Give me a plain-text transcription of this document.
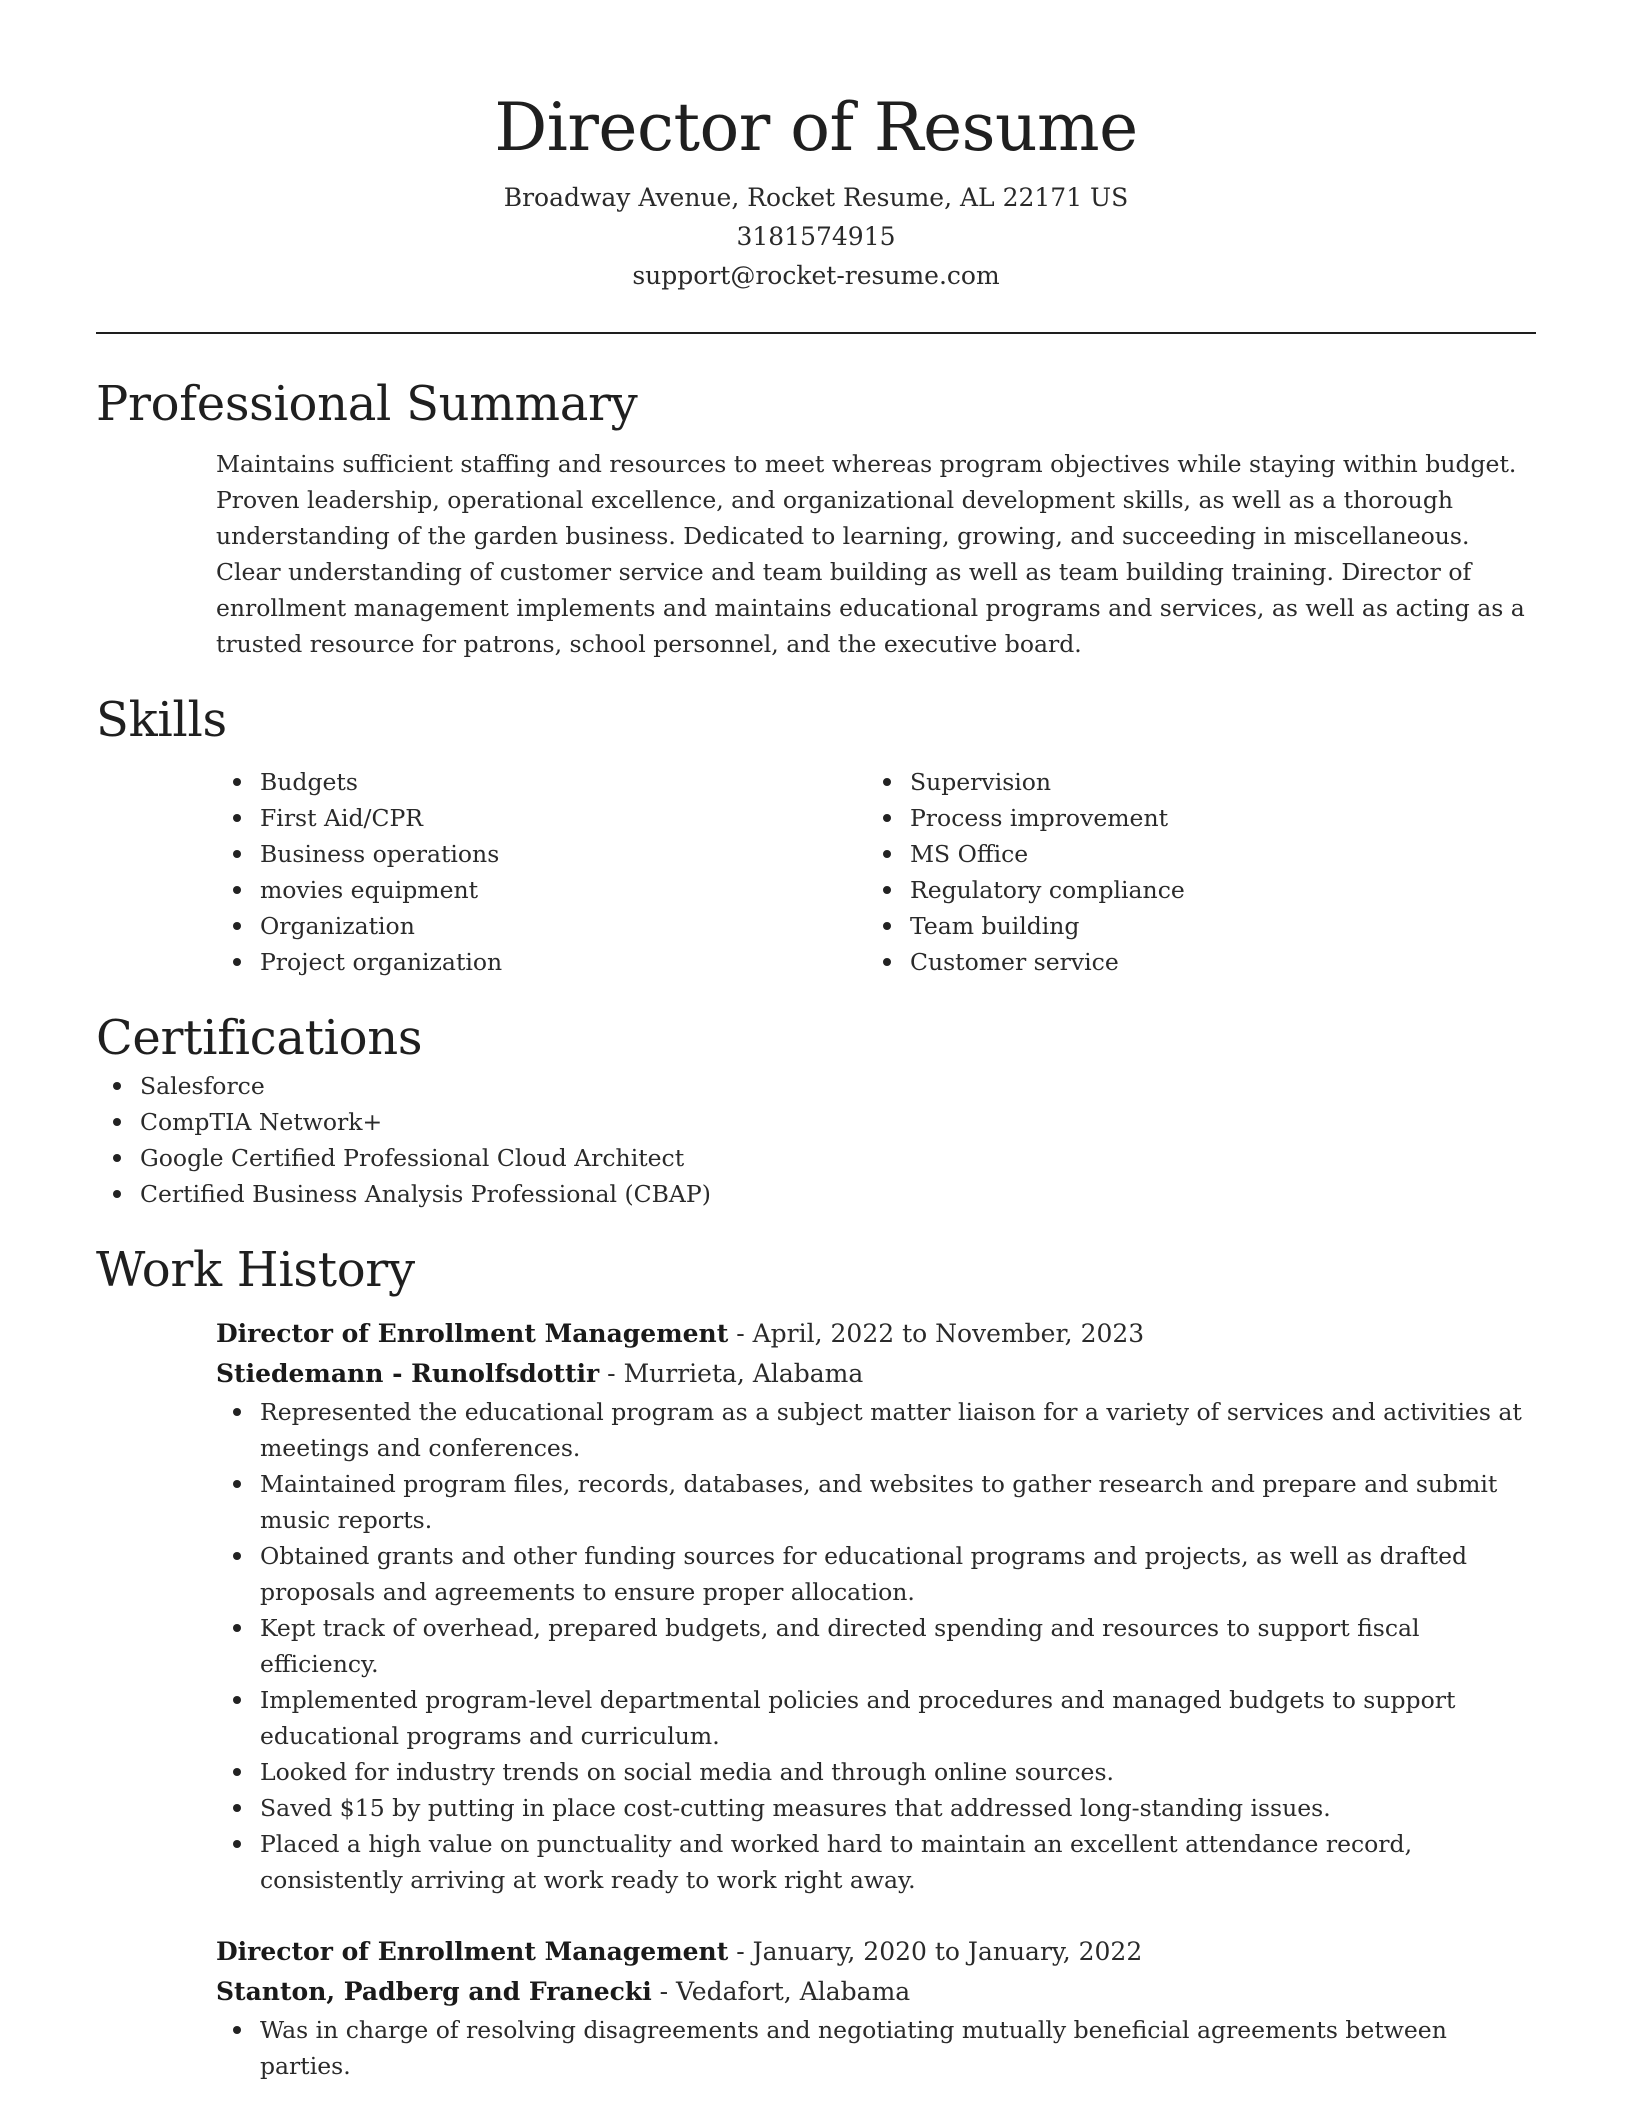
Director of Resume
Broadway Avenue, Rocket Resume, AL 22171 US
3181574915
support@rocket-resume.com
Professional Summary

Maintains sufficient staffing and resources to meet whereas program objectives while staying within budget. Proven leadership, operational excellence, and organizational development skills, as well as a thorough understanding of the garden business. Dedicated to learning, growing, and succeeding in miscellaneous. Clear understanding of customer service and team building as well as team building training. Director of enrollment management implements and maintains educational programs and services, as well as acting as a trusted resource for patrons, school personnel, and the executive board.

Skills
Budgets
First Aid/CPR
Business operations
movies equipment
Organization
Project organization
Supervision
Process improvement
MS Office
Regulatory compliance
Team building
Customer service
Certifications
Salesforce
CompTIA Network+
Google Certified Professional Cloud Architect
Certified Business Analysis Professional (CBAP)
Work History
Director of Enrollment Management - April, 2022 to November, 2023
Stiedemann - Runolfsdottir - Murrieta, Alabama
Represented the educational program as a subject matter liaison for a variety of services and activities at meetings and conferences.
Maintained program files, records, databases, and websites to gather research and prepare and submit music reports.
Obtained grants and other funding sources for educational programs and projects, as well as drafted proposals and agreements to ensure proper allocation.
Kept track of overhead, prepared budgets, and directed spending and resources to support fiscal efficiency.
Implemented program-level departmental policies and procedures and managed budgets to support educational programs and curriculum.
Looked for industry trends on social media and through online sources.
Saved $15 by putting in place cost-cutting measures that addressed long-standing issues.
Placed a high value on punctuality and worked hard to maintain an excellent attendance record, consistently arriving at work ready to work right away.
Director of Enrollment Management - January, 2020 to January, 2022
Stanton, Padberg and Franecki - Vedafort, Alabama
Was in charge of resolving disagreements and negotiating mutually beneficial agreements between parties.
